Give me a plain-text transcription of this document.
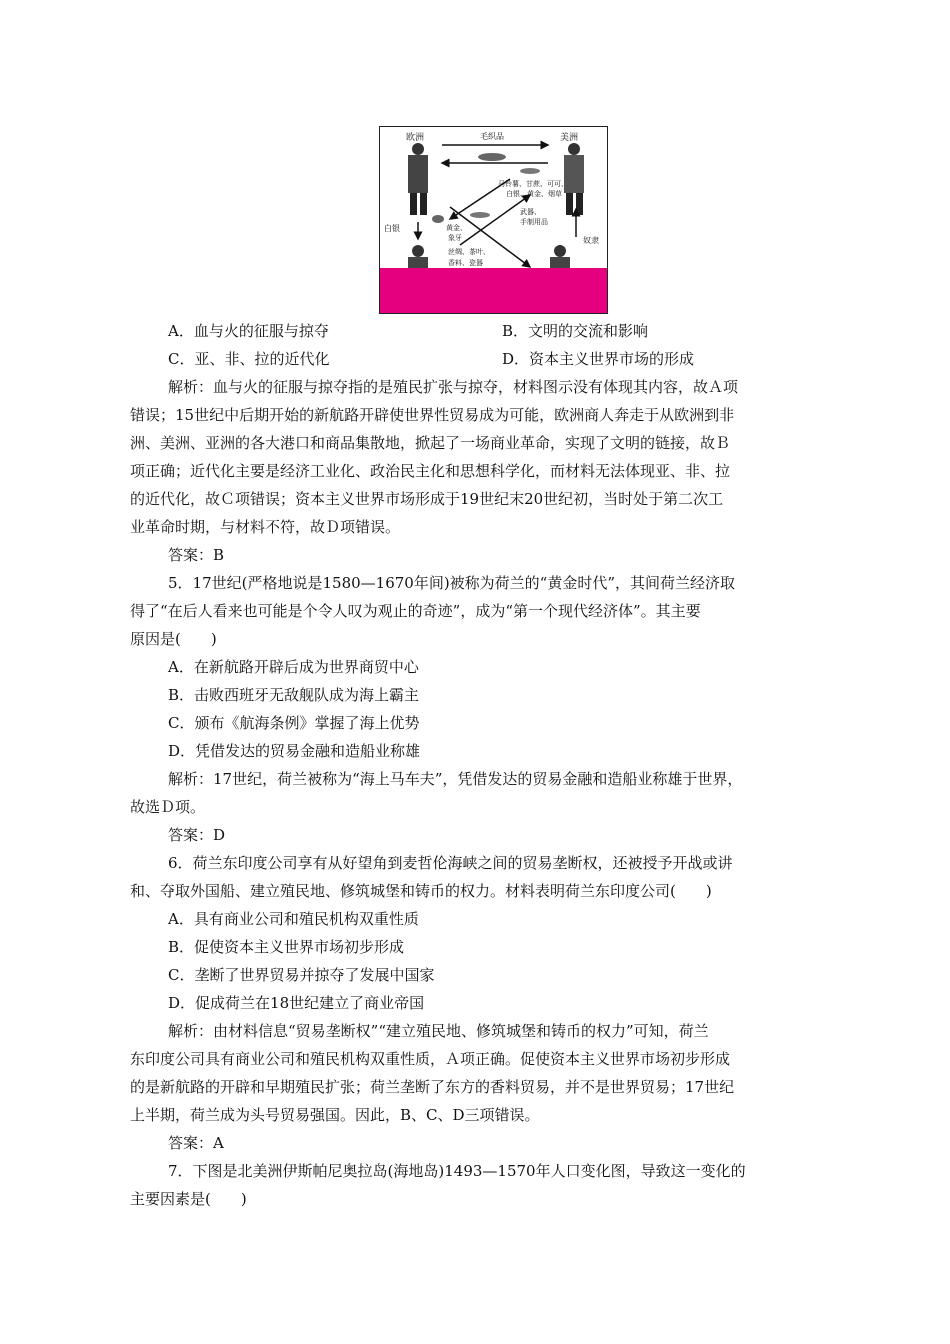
欧洲	美洲
毛织品
马铃薯、甘蔗、可可、
白银、黄金、烟草
武器、
手制用品
黄金、
象牙
白银
奴隶
丝绸、茶叶、
香料、瓷器
A．血与火的征服与掠夺	B．文明的交流和影响
C．亚、非、拉的近代化	D．资本主义世界市场的形成
解析：血与火的征服与掠夺指的是殖民扩张与掠夺，材料图示没有体现其内容，故Ａ项
错误；15世纪中后期开始的新航路开辟使世界性贸易成为可能，欧洲商人奔走于从欧洲到非
洲、美洲、亚洲的各大港口和商品集散地，掀起了一场商业革命，实现了文明的链接，故Ｂ
项正确；近代化主要是经济工业化、政治民主化和思想科学化，而材料无法体现亚、非、拉
的近代化，故Ｃ项错误；资本主义世界市场形成于19世纪末20世纪初，当时处于第二次工
业革命时期，与材料不符，故Ｄ项错误。
答案：B
5．17世纪(严格地说是1580—1670年间)被称为荷兰的“黄金时代”，其间荷兰经济取
得了“在后人看来也可能是个令人叹为观止的奇迹”，成为“第一个现代经济体”。其主要
原因是(　　)
A．在新航路开辟后成为世界商贸中心
B．击败西班牙无敌舰队成为海上霸主
C．颁布《航海条例》掌握了海上优势
D．凭借发达的贸易金融和造船业称雄
解析：17世纪，荷兰被称为“海上马车夫”，凭借发达的贸易金融和造船业称雄于世界，
故选Ｄ项。
答案：D
6．荷兰东印度公司享有从好望角到麦哲伦海峡之间的贸易垄断权，还被授予开战或讲
和、夺取外国船、建立殖民地、修筑城堡和铸币的权力。材料表明荷兰东印度公司(　　)
A．具有商业公司和殖民机构双重性质
B．促使资本主义世界市场初步形成
C．垄断了世界贸易并掠夺了发展中国家
D．促成荷兰在18世纪建立了商业帝国
解析：由材料信息“贸易垄断权”“建立殖民地、修筑城堡和铸币的权力”可知，荷兰
东印度公司具有商业公司和殖民机构双重性质，Ａ项正确。促使资本主义世界市场初步形成
的是新航路的开辟和早期殖民扩张；荷兰垄断了东方的香料贸易，并不是世界贸易；17世纪
上半期，荷兰成为头号贸易强国。因此，B、C、D三项错误。
答案：A
7．下图是北美洲伊斯帕尼奥拉岛(海地岛)1493—1570年人口变化图，导致这一变化的
主要因素是(　　)
